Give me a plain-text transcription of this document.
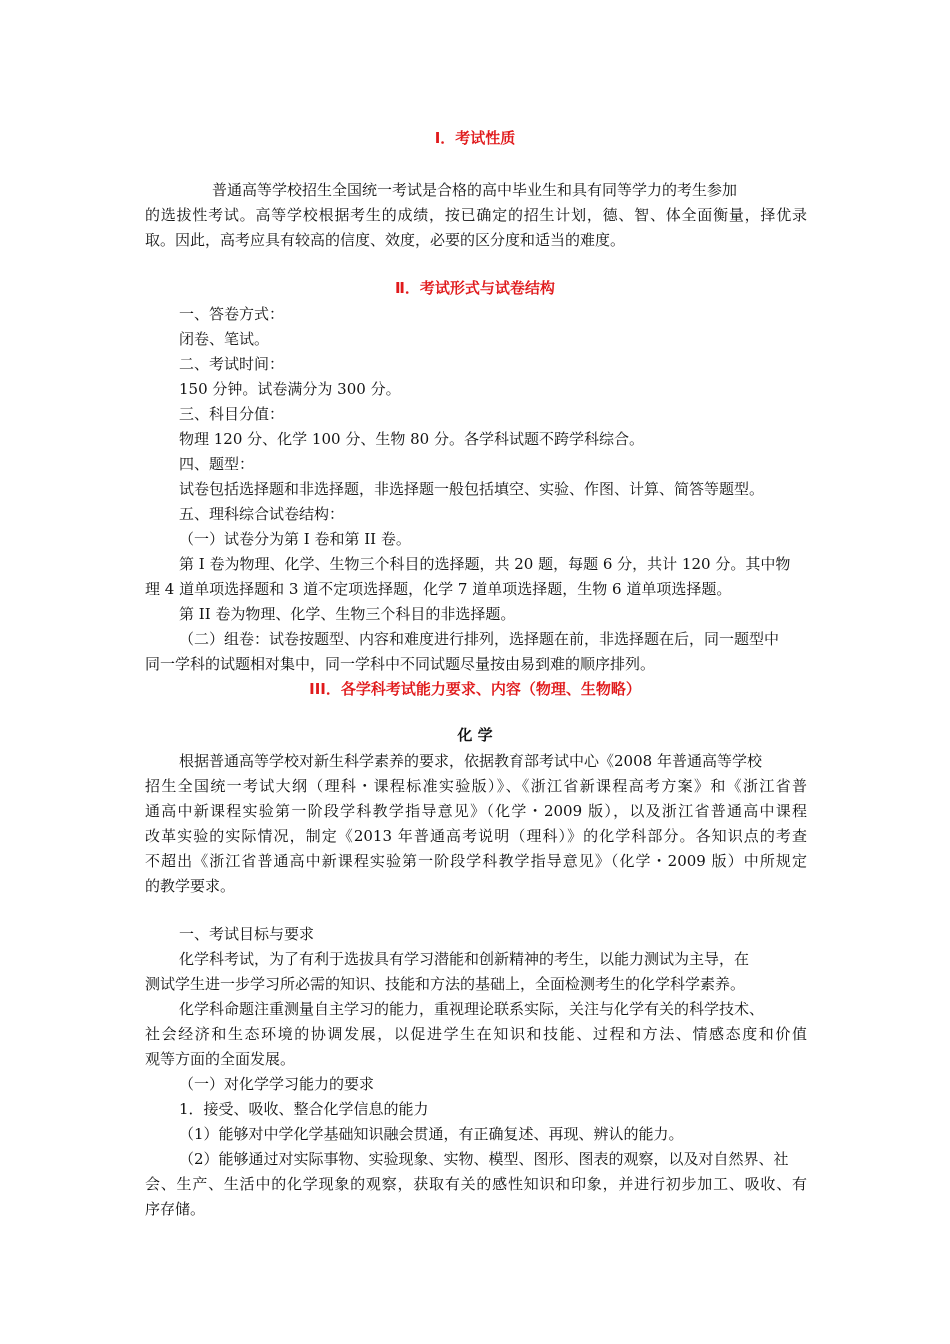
Ⅰ．考试性质
普通高等学校招生全国统一考试是合格的高中毕业生和具有同等学力的考生参加
的选拔性考试。高等学校根据考生的成绩，按已确定的招生计划，德、智、体全面衡量，择优录
取。因此，高考应具有较高的信度、效度，必要的区分度和适当的难度。
Ⅱ．考试形式与试卷结构
一、答卷方式：
闭卷、笔试。
二、考试时间：
150 分钟。试卷满分为 300 分。
三、科目分值：
物理 120 分、化学 100 分、生物 80 分。各学科试题不跨学科综合。
四、题型：
试卷包括选择题和非选择题，非选择题一般包括填空、实验、作图、计算、简答等题型。
五、理科综合试卷结构：
（一）试卷分为第 I 卷和第 II 卷。
第 I 卷为物理、化学、生物三个科目的选择题，共 20 题，每题 6 分，共计 120 分。其中物
理 4 道单项选择题和 3 道不定项选择题，化学 7 道单项选择题，生物 6 道单项选择题。
第 II 卷为物理、化学、生物三个科目的非选择题。
（二）组卷：试卷按题型、内容和难度进行排列，选择题在前，非选择题在后，同一题型中
同一学科的试题相对集中，同一学科中不同试题尽量按由易到难的顺序排列。
III．各学科考试能力要求、内容（物理、生物略）
化 学
根据普通高等学校对新生科学素养的要求，依据教育部考试中心《2008 年普通高等学校
招生全国统一考试大纲（理科・课程标准实验版）》、《浙江省新课程高考方案》和《浙江省普
通高中新课程实验第一阶段学科教学指导意见》（化学・2009 版），以及浙江省普通高中课程
改革实验的实际情况，制定《2013 年普通高考说明（理科）》的化学科部分。各知识点的考查
不超出《浙江省普通高中新课程实验第一阶段学科教学指导意见》（化学・2009 版）中所规定
的教学要求。
一、考试目标与要求
化学科考试，为了有利于选拔具有学习潜能和创新精神的考生，以能力测试为主导，在
测试学生进一步学习所必需的知识、技能和方法的基础上，全面检测考生的化学科学素养。
化学科命题注重测量自主学习的能力，重视理论联系实际，关注与化学有关的科学技术、
社会经济和生态环境的协调发展，以促进学生在知识和技能、过程和方法、情感态度和价值
观等方面的全面发展。
（一）对化学学习能力的要求
1．接受、吸收、整合化学信息的能力
（1）能够对中学化学基础知识融会贯通，有正确复述、再现、辨认的能力。
（2）能够通过对实际事物、实验现象、实物、模型、图形、图表的观察，以及对自然界、社
会、生产、生活中的化学现象的观察，获取有关的感性知识和印象，并进行初步加工、吸收、有
序存储。
